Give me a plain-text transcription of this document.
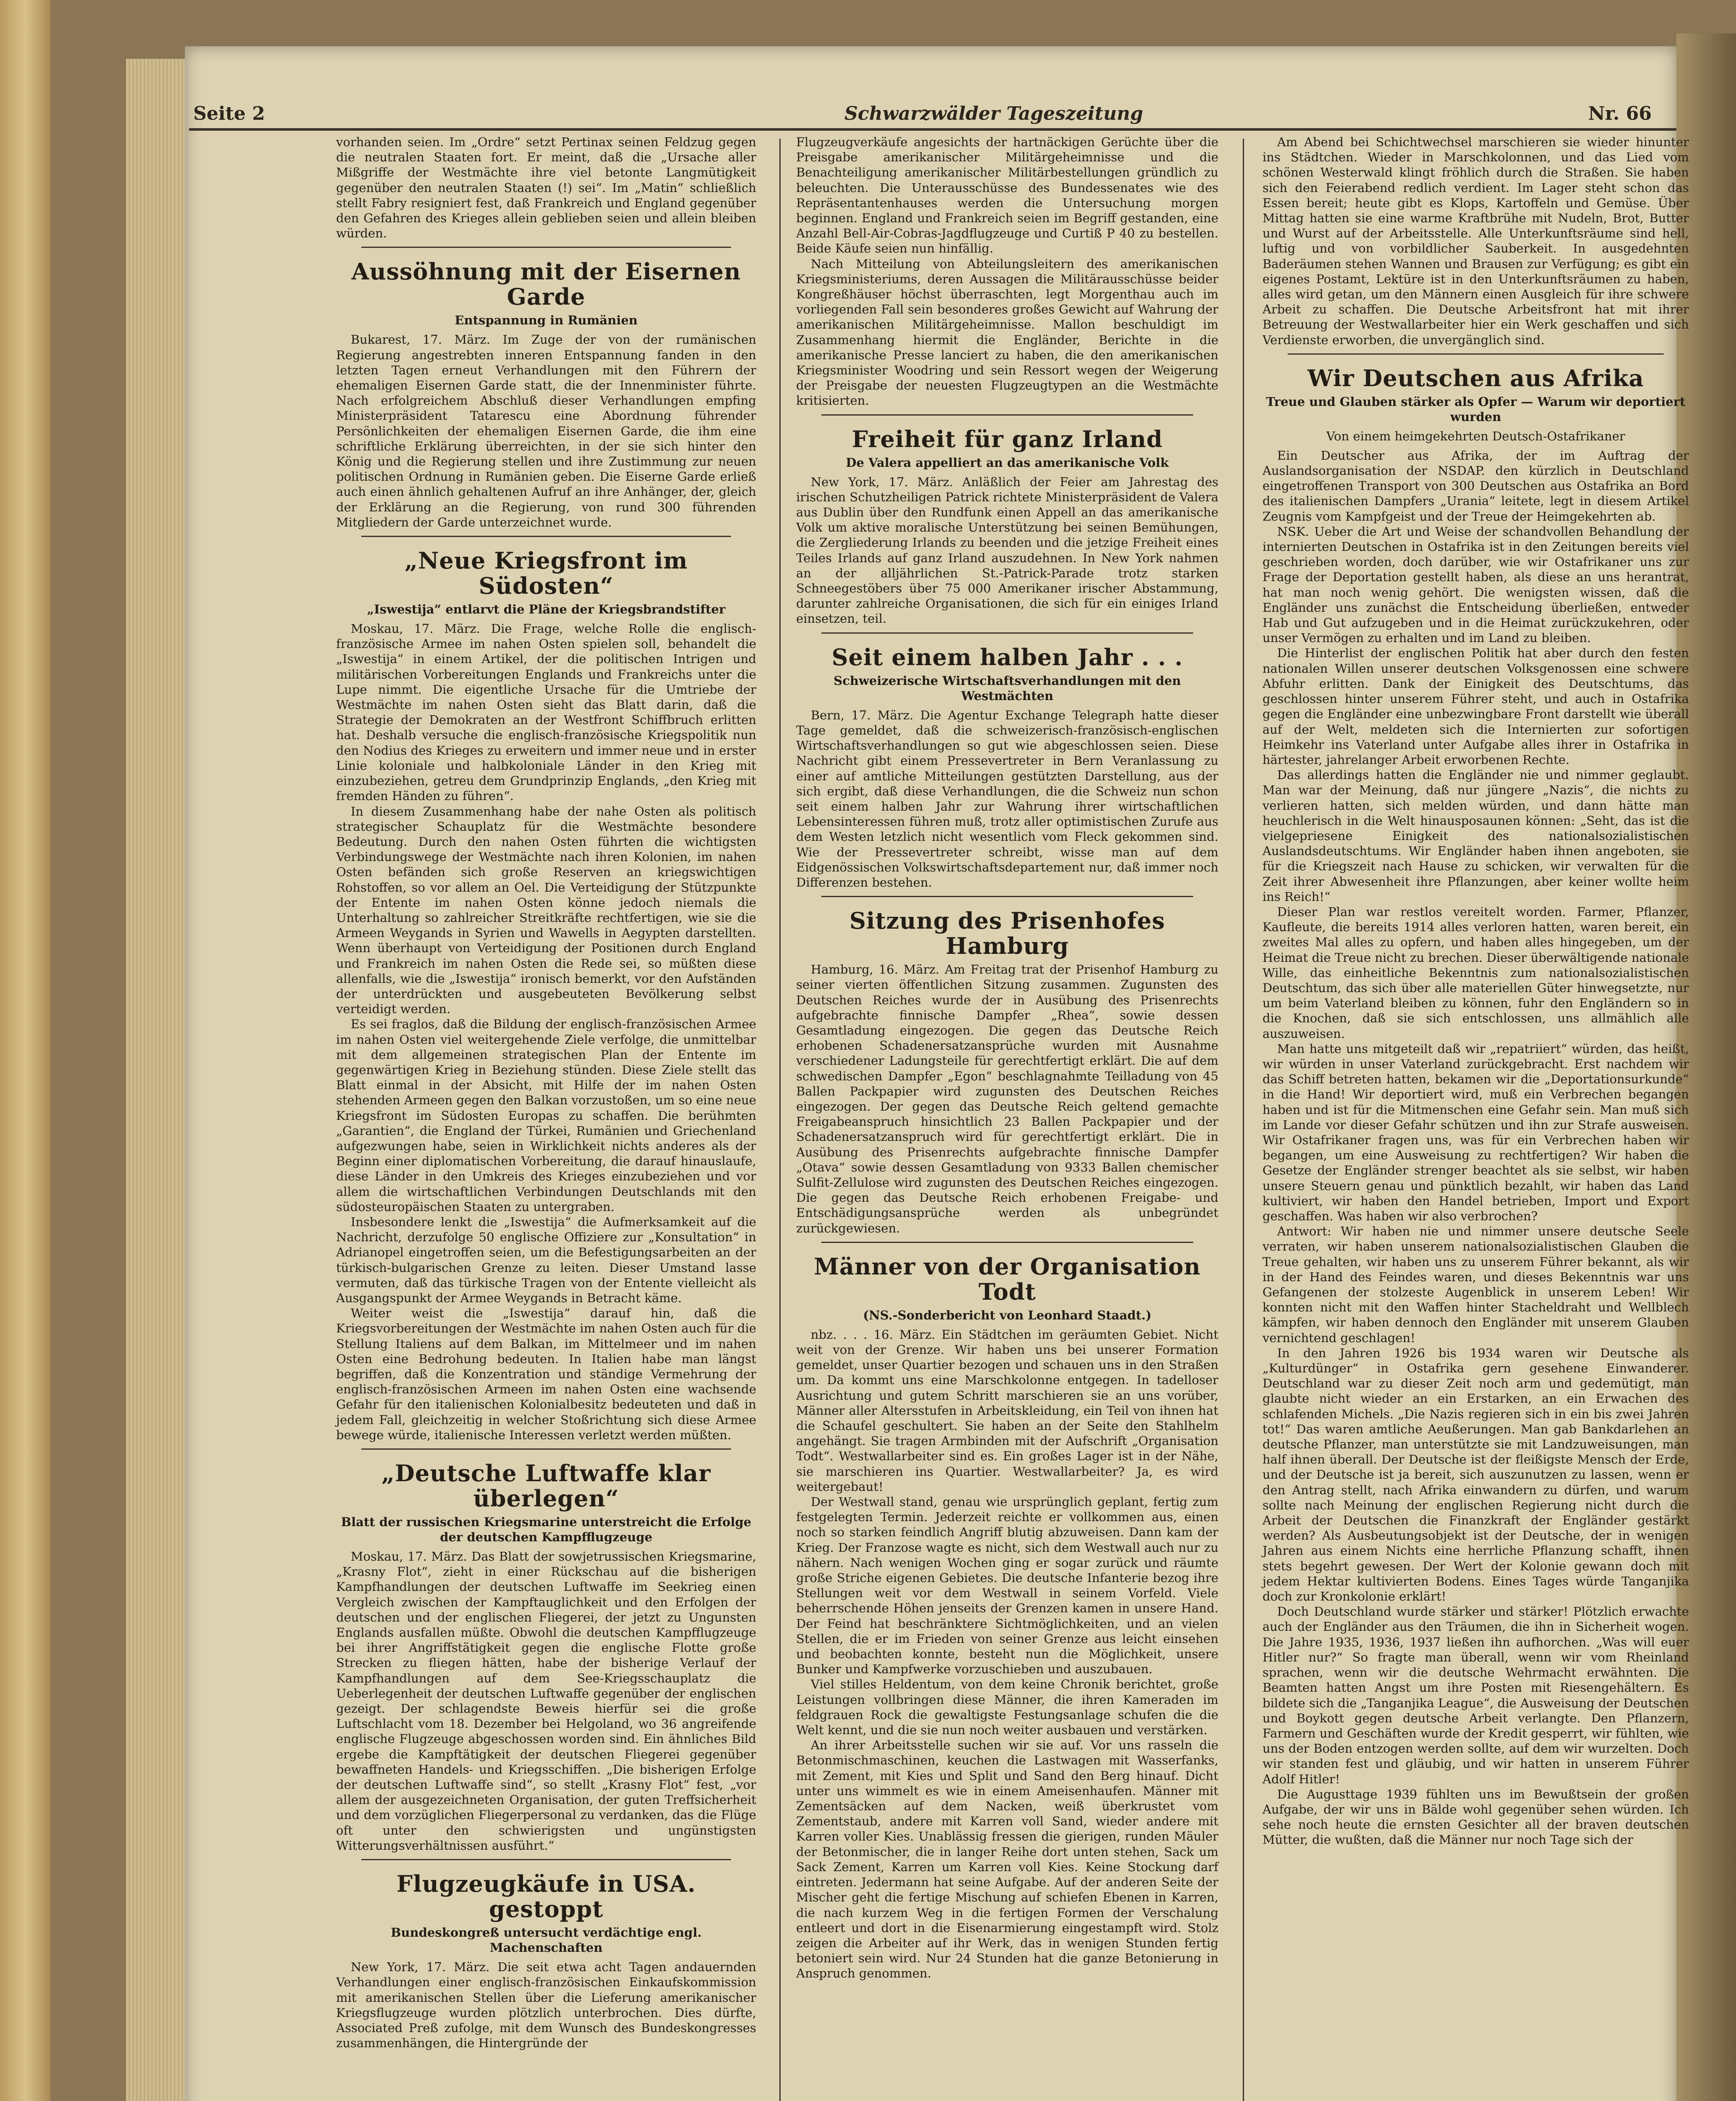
Seite 2	Schwarzwälder Tageszeitung	Nr. 66

vorhanden seien. Im „Ordre“ setzt Pertinax seinen Feldzug gegen die neutralen Staaten fort. Er meint, daß die „Ursache aller Mißgriffe der Westmächte ihre viel betonte Langmütigkeit gegenüber den neutralen Staaten (!) sei“. Im „Matin“ schließlich stellt Fabry resigniert fest, daß Frankreich und England gegenüber den Gefahren des Krieges allein geblieben seien und allein bleiben würden.

Aussöhnung mit der Eisernen Garde
Entspannung in Rumänien

Bukarest, 17. März. Im Zuge der von der rumänischen Regierung angestrebten inneren Entspannung fanden in den letzten Tagen erneut Verhandlungen mit den Führern der ehemaligen Eisernen Garde statt, die der Innenminister führte. Nach erfolgreichem Abschluß dieser Verhandlungen empfing Ministerpräsident Tatarescu eine Abordnung führender Persönlichkeiten der ehemaligen Eisernen Garde, die ihm eine schriftliche Erklärung überreichten, in der sie sich hinter den König und die Regierung stellen und ihre Zustimmung zur neuen politischen Ordnung in Rumänien geben. Die Eiserne Garde erließ auch einen ähnlich gehaltenen Aufruf an ihre Anhänger, der, gleich der Erklärung an die Regierung, von rund 300 führenden Mitgliedern der Garde unterzeichnet wurde.

„Neue Kriegsfront im Südosten“
„Iswestija“ entlarvt die Pläne der Kriegsbrandstifter

Moskau, 17. März. Die Frage, welche Rolle die englisch-französische Armee im nahen Osten spielen soll, behandelt die „Iswestija“ in einem Artikel, der die politischen Intrigen und militärischen Vorbereitungen Englands und Frankreichs unter die Lupe nimmt. Die eigentliche Ursache für die Umtriebe der Westmächte im nahen Osten sieht das Blatt darin, daß die Strategie der Demokraten an der Westfront Schiffbruch erlitten hat. Deshalb versuche die englisch-französische Kriegspolitik nun den Nodius des Krieges zu erweitern und immer neue und in erster Linie koloniale und halbkoloniale Länder in den Krieg mit einzubeziehen, getreu dem Grundprinzip Englands, „den Krieg mit fremden Händen zu führen“.

In diesem Zusammenhang habe der nahe Osten als politisch strategischer Schauplatz für die Westmächte besondere Bedeutung. Durch den nahen Osten führten die wichtigsten Verbindungswege der Westmächte nach ihren Kolonien, im nahen Osten befänden sich große Reserven an kriegswichtigen Rohstoffen, so vor allem an Oel. Die Verteidigung der Stützpunkte der Entente im nahen Osten könne jedoch niemals die Unterhaltung so zahlreicher Streitkräfte rechtfertigen, wie sie die Armeen Weygands in Syrien und Wawells in Aegypten darstellten. Wenn überhaupt von Verteidigung der Positionen durch England und Frankreich im nahen Osten die Rede sei, so müßten diese allenfalls, wie die „Iswestija“ ironisch bemerkt, vor den Aufständen der unterdrückten und ausgebeuteten Bevölkerung selbst verteidigt werden.

Es sei fraglos, daß die Bildung der englisch-französischen Armee im nahen Osten viel weitergehende Ziele verfolge, die unmittelbar mit dem allgemeinen strategischen Plan der Entente im gegenwärtigen Krieg in Beziehung stünden. Diese Ziele stellt das Blatt einmal in der Absicht, mit Hilfe der im nahen Osten stehenden Armeen gegen den Balkan vorzustoßen, um so eine neue Kriegsfront im Südosten Europas zu schaffen. Die berühmten „Garantien“, die England der Türkei, Rumänien und Griechenland aufgezwungen habe, seien in Wirklichkeit nichts anderes als der Beginn einer diplomatischen Vorbereitung, die darauf hinauslaufe, diese Länder in den Umkreis des Krieges einzubeziehen und vor allem die wirtschaftlichen Verbindungen Deutschlands mit den südosteuropäischen Staaten zu untergraben.

Insbesondere lenkt die „Iswestija“ die Aufmerksamkeit auf die Nachricht, derzufolge 50 englische Offiziere zur „Konsultation“ in Adrianopel eingetroffen seien, um die Befestigungsarbeiten an der türkisch-bulgarischen Grenze zu leiten. Dieser Umstand lasse vermuten, daß das türkische Tragen von der Entente vielleicht als Ausgangspunkt der Armee Weygands in Betracht käme.

Weiter weist die „Iswestija“ darauf hin, daß die Kriegsvorbereitungen der Westmächte im nahen Osten auch für die Stellung Italiens auf dem Balkan, im Mittelmeer und im nahen Osten eine Bedrohung bedeuten. In Italien habe man längst begriffen, daß die Konzentration und ständige Vermehrung der englisch-französischen Armeen im nahen Osten eine wachsende Gefahr für den italienischen Kolonialbesitz bedeuteten und daß in jedem Fall, gleichzeitig in welcher Stoßrichtung sich diese Armee bewege würde, italienische Interessen verletzt werden müßten.

„Deutsche Luftwaffe klar überlegen“
Blatt der russischen Kriegsmarine unterstreicht die Erfolge der deutschen Kampfflugzeuge

Moskau, 17. März. Das Blatt der sowjetrussischen Kriegsmarine, „Krasny Flot“, zieht in einer Rückschau auf die bisherigen Kampfhandlungen der deutschen Luftwaffe im Seekrieg einen Vergleich zwischen der Kampftauglichkeit und den Erfolgen der deutschen und der englischen Fliegerei, der jetzt zu Ungunsten Englands ausfallen müßte. Obwohl die deutschen Kampfflugzeuge bei ihrer Angriffstätigkeit gegen die englische Flotte große Strecken zu fliegen hätten, habe der bisherige Verlauf der Kampfhandlungen auf dem See-Kriegsschauplatz die Ueberlegenheit der deutschen Luftwaffe gegenüber der englischen gezeigt. Der schlagendste Beweis hierfür sei die große Luftschlacht vom 18. Dezember bei Helgoland, wo 36 angreifende englische Flugzeuge abgeschossen worden sind. Ein ähnliches Bild ergebe die Kampftätigkeit der deutschen Fliegerei gegenüber bewaffneten Handels- und Kriegsschiffen. „Die bisherigen Erfolge der deutschen Luftwaffe sind“, so stellt „Krasny Flot“ fest, „vor allem der ausgezeichneten Organisation, der guten Treffsicherheit und dem vorzüglichen Fliegerpersonal zu verdanken, das die Flüge oft unter den schwierigsten und ungünstigsten Witterungsverhältnissen ausführt.“

Flugzeugkäufe in USA. gestoppt
Bundeskongreß untersucht verdächtige engl. Machenschaften

New York, 17. März. Die seit etwa acht Tagen andauernden Verhandlungen einer englisch-französischen Einkaufskommission mit amerikanischen Stellen über die Lieferung amerikanischer Kriegsflugzeuge wurden plötzlich unterbrochen. Dies dürfte, Associated Preß zufolge, mit dem Wunsch des Bundeskongresses zusammenhängen, die Hintergründe der

Flugzeugverkäufe angesichts der hartnäckigen Gerüchte über die Preisgabe amerikanischer Militärgeheimnisse und die Benachteiligung amerikanischer Militärbestellungen gründlich zu beleuchten. Die Unterausschüsse des Bundessenates wie des Repräsentantenhauses werden die Untersuchung morgen beginnen. England und Frankreich seien im Begriff gestanden, eine Anzahl Bell-Air-Cobras-Jagdflugzeuge und Curtiß P 40 zu bestellen. Beide Käufe seien nun hinfällig.

Nach Mitteilung von Abteilungsleitern des amerikanischen Kriegsministeriums, deren Aussagen die Militärausschüsse beider Kongreßhäuser höchst überraschten, legt Morgenthau auch im vorliegenden Fall sein besonderes großes Gewicht auf Wahrung der amerikanischen Militärgeheimnisse. Mallon beschuldigt im Zusammenhang hiermit die Engländer, Berichte in die amerikanische Presse lanciert zu haben, die den amerikanischen Kriegsminister Woodring und sein Ressort wegen der Weigerung der Preisgabe der neuesten Flugzeugtypen an die Westmächte kritisierten.

Freiheit für ganz Irland
De Valera appelliert an das amerikanische Volk

New York, 17. März. Anläßlich der Feier am Jahrestag des irischen Schutzheiligen Patrick richtete Ministerpräsident de Valera aus Dublin über den Rundfunk einen Appell an das amerikanische Volk um aktive moralische Unterstützung bei seinen Bemühungen, die Zergliederung Irlands zu beenden und die jetzige Freiheit eines Teiles Irlands auf ganz Irland auszudehnen. In New York nahmen an der alljährlichen St.-Patrick-Parade trotz starken Schneegestöbers über 75 000 Amerikaner irischer Abstammung, darunter zahlreiche Organisationen, die sich für ein einiges Irland einsetzen, teil.

Seit einem halben Jahr . . .
Schweizerische Wirtschaftsverhandlungen mit den Westmächten

Bern, 17. März. Die Agentur Exchange Telegraph hatte dieser Tage gemeldet, daß die schweizerisch-französisch-englischen Wirtschaftsverhandlungen so gut wie abgeschlossen seien. Diese Nachricht gibt einem Pressevertreter in Bern Veranlassung zu einer auf amtliche Mitteilungen gestützten Darstellung, aus der sich ergibt, daß diese Verhandlungen, die die Schweiz nun schon seit einem halben Jahr zur Wahrung ihrer wirtschaftlichen Lebensinteressen führen muß, trotz aller optimistischen Zurufe aus dem Westen letzlich nicht wesentlich vom Fleck gekommen sind. Wie der Pressevertreter schreibt, wisse man auf dem Eidgenössischen Volkswirtschaftsdepartement nur, daß immer noch Differenzen bestehen.

Sitzung des Prisenhofes Hamburg

Hamburg, 16. März. Am Freitag trat der Prisenhof Hamburg zu seiner vierten öffentlichen Sitzung zusammen. Zugunsten des Deutschen Reiches wurde der in Ausübung des Prisenrechts aufgebrachte finnische Dampfer „Rhea“, sowie dessen Gesamtladung eingezogen. Die gegen das Deutsche Reich erhobenen Schadenersatzansprüche wurden mit Ausnahme verschiedener Ladungsteile für gerechtfertigt erklärt. Die auf dem schwedischen Dampfer „Egon“ beschlagnahmte Teilladung von 45 Ballen Packpapier wird zugunsten des Deutschen Reiches eingezogen. Der gegen das Deutsche Reich geltend gemachte Freigabeanspruch hinsichtlich 23 Ballen Packpapier und der Schadenersatzanspruch wird für gerechtfertigt erklärt. Die in Ausübung des Prisenrechts aufgebrachte finnische Dampfer „Otava“ sowie dessen Gesamtladung von 9333 Ballen chemischer Sulfit-Zellulose wird zugunsten des Deutschen Reiches eingezogen. Die gegen das Deutsche Reich erhobenen Freigabe- und Entschädigungsansprüche werden als unbegründet zurückgewiesen.

Männer von der Organisation Todt
(NS.-Sonderbericht von Leonhard Staadt.)

nbz. . . . 16. März. Ein Städtchen im geräumten Gebiet. Nicht weit von der Grenze. Wir haben uns bei unserer Formation gemeldet, unser Quartier bezogen und schauen uns in den Straßen um. Da kommt uns eine Marschkolonne entgegen. In tadelloser Ausrichtung und gutem Schritt marschieren sie an uns vorüber, Männer aller Altersstufen in Arbeitskleidung, ein Teil von ihnen hat die Schaufel geschultert. Sie haben an der Seite den Stahlhelm angehängt. Sie tragen Armbinden mit der Aufschrift „Organisation Todt“. Westwallarbeiter sind es. Ein großes Lager ist in der Nähe, sie marschieren ins Quartier. Westwallarbeiter? Ja, es wird weitergebaut!

Der Westwall stand, genau wie ursprünglich geplant, fertig zum festgelegten Termin. Jederzeit reichte er vollkommen aus, einen noch so starken feindlich Angriff blutig abzuweisen. Dann kam der Krieg. Der Franzose wagte es nicht, sich dem Westwall auch nur zu nähern. Nach wenigen Wochen ging er sogar zurück und räumte große Striche eigenen Gebietes. Die deutsche Infanterie bezog ihre Stellungen weit vor dem Westwall in seinem Vorfeld. Viele beherrschende Höhen jenseits der Grenzen kamen in unsere Hand. Der Feind hat beschränktere Sichtmöglichkeiten, und an vielen Stellen, die er im Frieden von seiner Grenze aus leicht einsehen und beobachten konnte, besteht nun die Möglichkeit, unsere Bunker und Kampfwerke vorzuschieben und auszubauen.

Viel stilles Heldentum, von dem keine Chronik berichtet, große Leistungen vollbringen diese Männer, die ihren Kameraden im feldgrauen Rock die gewaltigste Festungsanlage schufen die die Welt kennt, und die sie nun noch weiter ausbauen und verstärken.

An ihrer Arbeitsstelle suchen wir sie auf. Vor uns rasseln die Betonmischmaschinen, keuchen die Lastwagen mit Wasserfanks, mit Zement, mit Kies und Split und Sand den Berg hinauf. Dicht unter uns wimmelt es wie in einem Ameisenhaufen. Männer mit Zementsäcken auf dem Nacken, weiß überkrustet vom Zementstaub, andere mit Karren voll Sand, wieder andere mit Karren voller Kies. Unablässig fressen die gierigen, runden Mäuler der Betonmischer, die in langer Reihe dort unten stehen, Sack um Sack Zement, Karren um Karren voll Kies. Keine Stockung darf eintreten. Jedermann hat seine Aufgabe. Auf der anderen Seite der Mischer geht die fertige Mischung auf schiefen Ebenen in Karren, die nach kurzem Weg in die fertigen Formen der Verschalung entleert und dort in die Eisenarmierung eingestampft wird. Stolz zeigen die Arbeiter auf ihr Werk, das in wenigen Stunden fertig betoniert sein wird. Nur 24 Stunden hat die ganze Betonierung in Anspruch genommen.

Am Abend bei Schichtwechsel marschieren sie wieder hinunter ins Städtchen. Wieder in Marschkolonnen, und das Lied vom schönen Westerwald klingt fröhlich durch die Straßen. Sie haben sich den Feierabend redlich verdient. Im Lager steht schon das Essen bereit; heute gibt es Klops, Kartoffeln und Gemüse. Über Mittag hatten sie eine warme Kraftbrühe mit Nudeln, Brot, Butter und Wurst auf der Arbeitsstelle. Alle Unterkunftsräume sind hell, luftig und von vorbildlicher Sauberkeit. In ausgedehnten Baderäumen stehen Wannen und Brausen zur Verfügung; es gibt ein eigenes Postamt, Lektüre ist in den Unterkunftsräumen zu haben, alles wird getan, um den Männern einen Ausgleich für ihre schwere Arbeit zu schaffen. Die Deutsche Arbeitsfront hat mit ihrer Betreuung der Westwallarbeiter hier ein Werk geschaffen und sich Verdienste erworben, die unvergänglich sind.

Wir Deutschen aus Afrika
Treue und Glauben stärker als Opfer — Warum wir deportiert wurden
Von einem heimgekehrten Deutsch-Ostafrikaner

Ein Deutscher aus Afrika, der im Auftrag der Auslandsorganisation der NSDAP. den kürzlich in Deutschland eingetroffenen Transport von 300 Deutschen aus Ostafrika an Bord des italienischen Dampfers „Urania“ leitete, legt in diesem Artikel Zeugnis vom Kampfgeist und der Treue der Heimgekehrten ab.

NSK. Ueber die Art und Weise der schandvollen Behandlung der internierten Deutschen in Ostafrika ist in den Zeitungen bereits viel geschrieben worden, doch darüber, wie wir Ostafrikaner uns zur Frage der Deportation gestellt haben, als diese an uns herantrat, hat man noch wenig gehört. Die wenigsten wissen, daß die Engländer uns zunächst die Entscheidung überließen, entweder Hab und Gut aufzugeben und in die Heimat zurückzukehren, oder unser Vermögen zu erhalten und im Land zu bleiben.

Die Hinterlist der englischen Politik hat aber durch den festen nationalen Willen unserer deutschen Volksgenossen eine schwere Abfuhr erlitten. Dank der Einigkeit des Deutschtums, das geschlossen hinter unserem Führer steht, und auch in Ostafrika gegen die Engländer eine unbezwingbare Front darstellt wie überall auf der Welt, meldeten sich die Internierten zur sofortigen Heimkehr ins Vaterland unter Aufgabe alles ihrer in Ostafrika in härtester, jahrelanger Arbeit erworbenen Rechte.

Das allerdings hatten die Engländer nie und nimmer geglaubt. Man war der Meinung, daß nur jüngere „Nazis“, die nichts zu verlieren hatten, sich melden würden, und dann hätte man heuchlerisch in die Welt hinausposaunen können: „Seht, das ist die vielgepriesene Einigkeit des nationalsozialistischen Auslandsdeutschtums. Wir Engländer haben ihnen angeboten, sie für die Kriegszeit nach Hause zu schicken, wir verwalten für die Zeit ihrer Abwesenheit ihre Pflanzungen, aber keiner wollte heim ins Reich!“

Dieser Plan war restlos vereitelt worden. Farmer, Pflanzer, Kaufleute, die bereits 1914 alles verloren hatten, waren bereit, ein zweites Mal alles zu opfern, und haben alles hingegeben, um der Heimat die Treue nicht zu brechen. Dieser überwältigende nationale Wille, das einheitliche Bekenntnis zum nationalsozialistischen Deutschtum, das sich über alle materiellen Güter hinwegsetzte, nur um beim Vaterland bleiben zu können, fuhr den Engländern so in die Knochen, daß sie sich entschlossen, uns allmählich alle auszuweisen.

Man hatte uns mitgeteilt daß wir „repatriiert“ würden, das heißt, wir würden in unser Vaterland zurückgebracht. Erst nachdem wir das Schiff betreten hatten, bekamen wir die „Deportationsurkunde“ in die Hand! Wir deportiert wird, muß ein Verbrechen begangen haben und ist für die Mitmenschen eine Gefahr sein. Man muß sich im Lande vor dieser Gefahr schützen und ihn zur Strafe ausweisen. Wir Ostafrikaner fragen uns, was für ein Verbrechen haben wir begangen, um eine Ausweisung zu rechtfertigen? Wir haben die Gesetze der Engländer strenger beachtet als sie selbst, wir haben unsere Steuern genau und pünktlich bezahlt, wir haben das Land kultiviert, wir haben den Handel betrieben, Import und Export geschaffen. Was haben wir also verbrochen?

Antwort: Wir haben nie und nimmer unsere deutsche Seele verraten, wir haben unserem nationalsozialistischen Glauben die Treue gehalten, wir haben uns zu unserem Führer bekannt, als wir in der Hand des Feindes waren, und dieses Bekenntnis war uns Gefangenen der stolzeste Augenblick in unserem Leben! Wir konnten nicht mit den Waffen hinter Stacheldraht und Wellblech kämpfen, wir haben dennoch den Engländer mit unserem Glauben vernichtend geschlagen!

In den Jahren 1926 bis 1934 waren wir Deutsche als „Kulturdünger“ in Ostafrika gern gesehene Einwanderer. Deutschland war zu dieser Zeit noch arm und gedemütigt, man glaubte nicht wieder an ein Erstarken, an ein Erwachen des schlafenden Michels. „Die Nazis regieren sich in ein bis zwei Jahren tot!“ Das waren amtliche Aeußerungen. Man gab Bankdarlehen an deutsche Pflanzer, man unterstützte sie mit Landzuweisungen, man half ihnen überall. Der Deutsche ist der fleißigste Mensch der Erde, und der Deutsche ist ja bereit, sich auszunutzen zu lassen, wenn er den Antrag stellt, nach Afrika einwandern zu dürfen, und warum sollte nach Meinung der englischen Regierung nicht durch die Arbeit der Deutschen die Finanzkraft der Engländer gestärkt werden? Als Ausbeutungsobjekt ist der Deutsche, der in wenigen Jahren aus einem Nichts eine herrliche Pflanzung schafft, ihnen stets begehrt gewesen. Der Wert der Kolonie gewann doch mit jedem Hektar kultivierten Bodens. Eines Tages würde Tanganjika doch zur Kronkolonie erklärt!

Doch Deutschland wurde stärker und stärker! Plötzlich erwachte auch der Engländer aus den Träumen, die ihn in Sicherheit wogen. Die Jahre 1935, 1936, 1937 ließen ihn aufhorchen. „Was will euer Hitler nur?“ So fragte man überall, wenn wir vom Rheinland sprachen, wenn wir die deutsche Wehrmacht erwähnten. Die Beamten hatten Angst um ihre Posten mit Riesengehältern. Es bildete sich die „Tanganjika League“, die Ausweisung der Deutschen und Boykott gegen deutsche Arbeit verlangte. Den Pflanzern, Farmern und Geschäften wurde der Kredit gesperrt, wir fühlten, wie uns der Boden entzogen werden sollte, auf dem wir wurzelten. Doch wir standen fest und gläubig, und wir hatten in unserem Führer Adolf Hitler!

Die Augusttage 1939 fühlten uns im Bewußtsein der großen Aufgabe, der wir uns in Bälde wohl gegenüber sehen würden. Ich sehe noch heute die ernsten Gesichter all der braven deutschen Mütter, die wußten, daß die Männer nur noch Tage sich der
